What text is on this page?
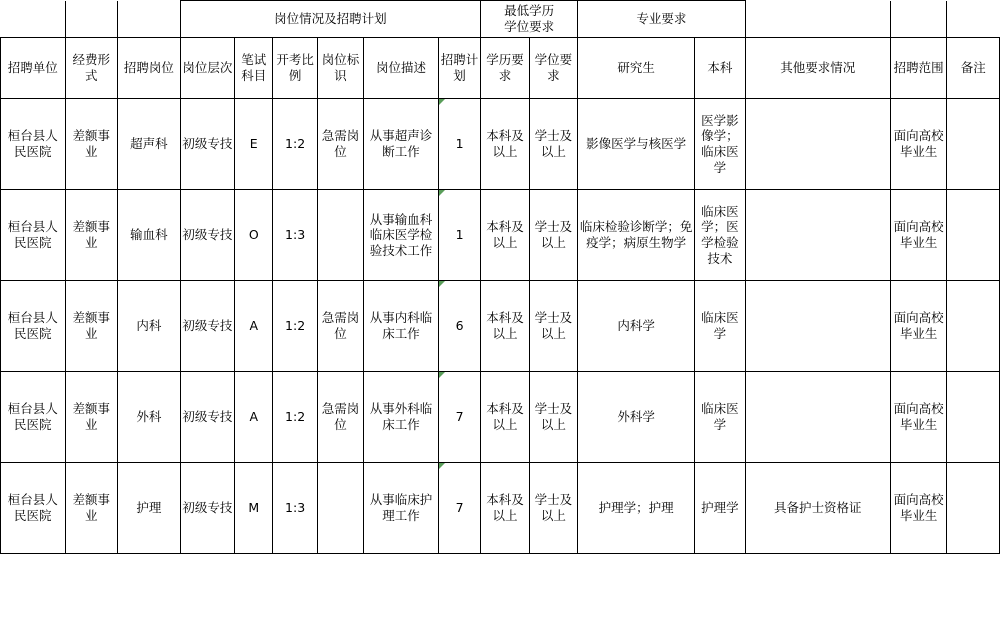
			岗位情况及招聘计划						最低学历
学位要求		专业要求				
招聘单位	经费形式	招聘岗位	岗位层次	笔试科目	开考比例	岗位标识	岗位描述	招聘计划	学历要求	学位要求	研究生	本科	其他要求情况	招聘范围	备注
桓台县人民医院	差额事业	超声科	初级专技	E	1:2	急需岗位	从事超声诊断工作	1	本科及以上	学士及以上	影像医学与核医学	医学影像学；临床医学		面向高校毕业生	
桓台县人民医院	差额事业	输血科	初级专技	O	1:3		从事输血科临床医学检验技术工作	1	本科及以上	学士及以上	临床检验诊断学；免疫学；病原生物学	临床医学；医学检验技术		面向高校毕业生	
桓台县人民医院	差额事业	内科	初级专技	A	1:2	急需岗位	从事内科临床工作	6	本科及以上	学士及以上	内科学	临床医学		面向高校毕业生	
桓台县人民医院	差额事业	外科	初级专技	A	1:2	急需岗位	从事外科临床工作	7	本科及以上	学士及以上	外科学	临床医学		面向高校毕业生	
桓台县人民医院	差额事业	护理	初级专技	M	1:3		从事临床护理工作	7	本科及以上	学士及以上	护理学；护理	护理学	具备护士资格证	面向高校毕业生	
